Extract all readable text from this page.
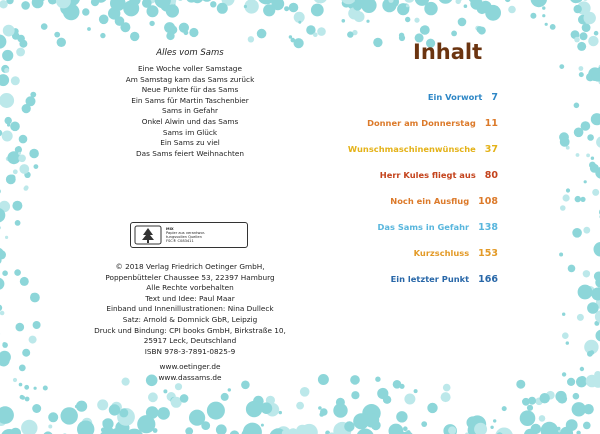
Alles vom Sams
Eine Woche voller Samstage
Am Samstag kam das Sams zurück
Neue Punkte für das Sams
Ein Sams für Martin Taschenbier
Sams in Gefahr
Onkel Alwin und das Sams
Sams im Glück
Ein Sams zu viel
Das Sams feiert Weihnachten
MIX
Papier aus verantwor-
tungsvollen Quellen
FSC® C083411
© 2018 Verlag Friedrich Oetinger GmbH,
Poppenbütteler Chaussee 53, 22397 Hamburg
Alle Rechte vorbehalten
Text und Idee: Paul Maar
Einband und Innenillustrationen: Nina Dulleck
Satz: Arnold & Domnick GbR, Leipzig
Druck und Bindung: CPI books GmbH, Birkstraße 10,
25917 Leck, Deutschland
ISBN 978-3-7891-0825-9
www.oetinger.de
www.dassams.de
Inhalt
Ein Vorwort 7
Donner am Donnerstag 11
Wunschmaschinenwünsche 37
Herr Kules fliegt aus 80
Noch ein Ausflug 108
Das Sams in Gefahr 138
Kurzschluss 153
Ein letzter Punkt 166
